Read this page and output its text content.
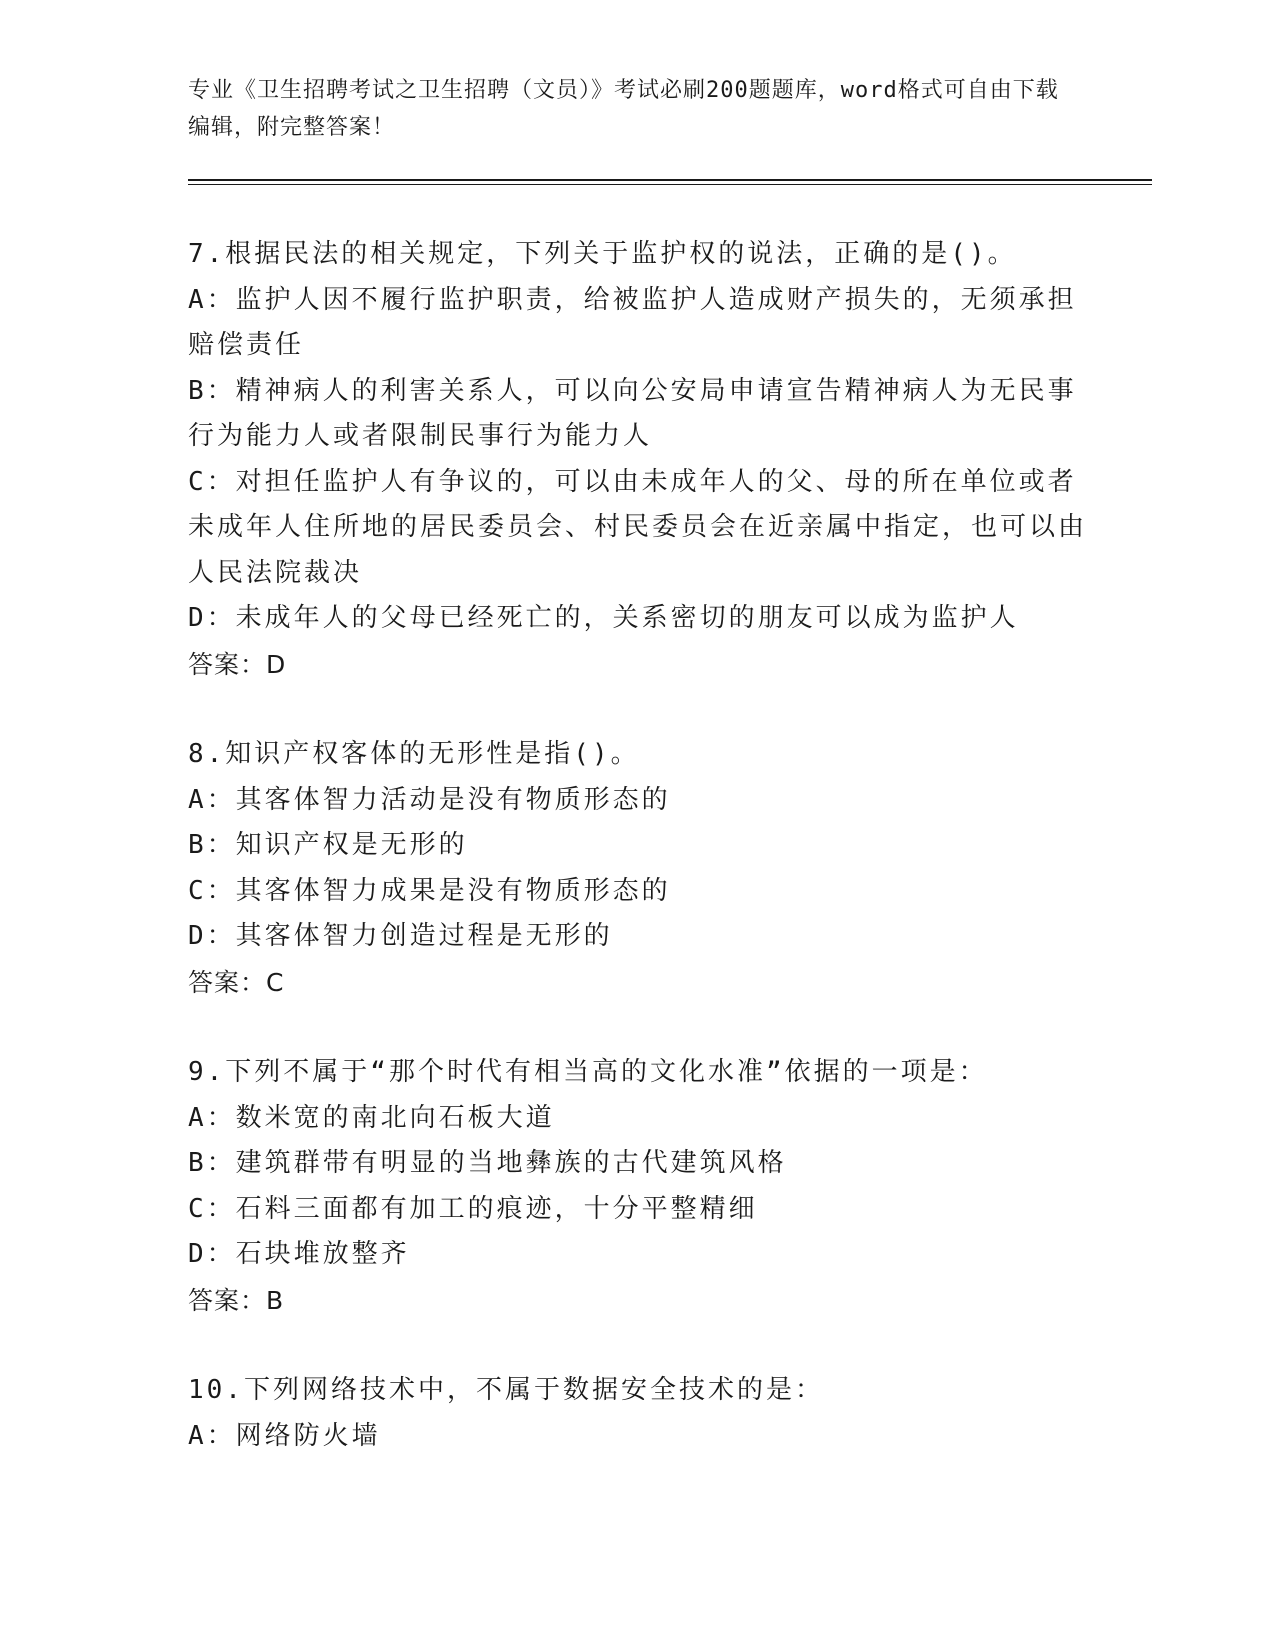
专业《卫生招聘考试之卫生招聘（文员）》考试必刷200题题库，word格式可自由下载编辑，附完整答案！
7.根据民法的相关规定，下列关于监护权的说法，正确的是()。
A：监护人因不履行监护职责，给被监护人造成财产损失的，无须承担赔偿责任
B：精神病人的利害关系人，可以向公安局申请宣告精神病人为无民事行为能力人或者限制民事行为能力人
C：对担任监护人有争议的，可以由未成年人的父、母的所在单位或者未成年人住所地的居民委员会、村民委员会在近亲属中指定，也可以由人民法院裁决
D：未成年人的父母已经死亡的，关系密切的朋友可以成为监护人
答案：D
8.知识产权客体的无形性是指()。
A：其客体智力活动是没有物质形态的
B：知识产权是无形的
C：其客体智力成果是没有物质形态的
D：其客体智力创造过程是无形的
答案：C
9.下列不属于“那个时代有相当高的文化水准”依据的一项是：
A：数米宽的南北向石板大道
B：建筑群带有明显的当地彝族的古代建筑风格
C：石料三面都有加工的痕迹，十分平整精细
D：石块堆放整齐
答案：B
10.下列网络技术中，不属于数据安全技术的是：
A：网络防火墙
